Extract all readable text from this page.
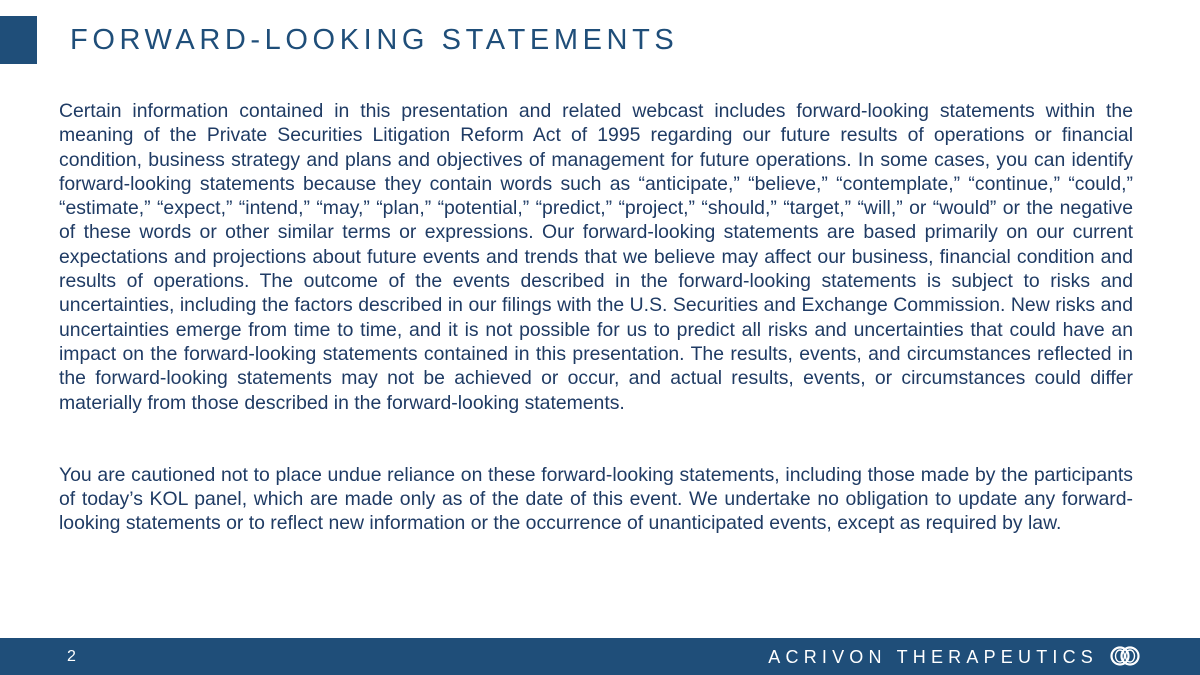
FORWARD-LOOKING STATEMENTS

Certain information contained in this presentation and related webcast includes forward-looking statements within the meaning of the Private Securities Litigation Reform Act of 1995 regarding our future results of operations or financial condition, business strategy and plans and objectives of management for future operations. In some cases, you can identify forward-looking statements because they contain words such as “anticipate,” “believe,” “contemplate,” “continue,” “could,” “estimate,” “expect,” “intend,” “may,” “plan,” “potential,” “predict,” “project,” “should,” “target,” “will,” or “would” or the negative of these words or other similar terms or expressions. Our forward-looking statements are based primarily on our current expectations and projections about future events and trends that we believe may affect our business, financial condition and results of operations. The outcome of the events described in the forward-looking statements is subject to risks and uncertainties, including the factors described in our filings with the U.S. Securities and Exchange Commission. New risks and uncertainties emerge from time to time, and it is not possible for us to predict all risks and uncertainties that could have an impact on the forward-looking statements contained in this presentation. The results, events, and circumstances reflected in the forward-looking statements may not be achieved or occur, and actual results, events, or circumstances could differ materially from those described in the forward-looking statements.

You are cautioned not to place undue reliance on these forward-looking statements, including those made by the participants of today’s KOL panel, which are made only as of the date of this event. We undertake no obligation to update any forward-looking statements or to reflect new information or the occurrence of unanticipated events, except as required by law.

2	ACRIVON THERAPEUTICS
